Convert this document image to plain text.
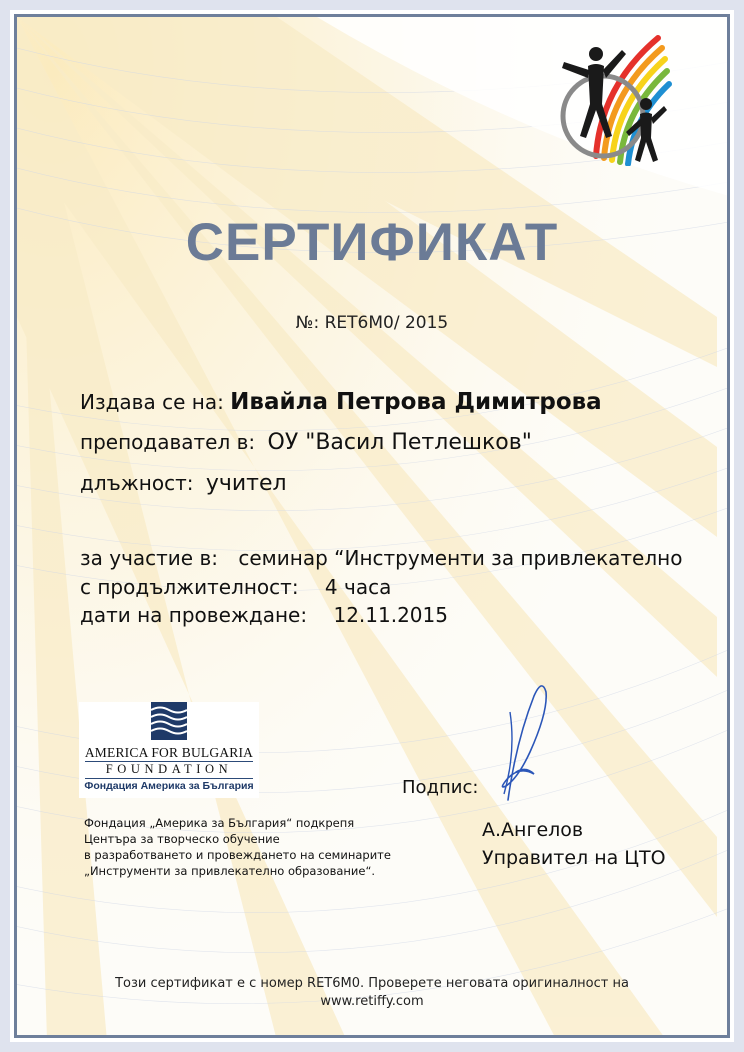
СЕРТИФИКАТ
№: RET6M0/ 2015
Издава се на: Ивайла Петрова Димитрова
преподавател в: ОУ "Васил Петлешков"
длъжност: учител
за участие в: семинар “Инструменти за привлекателно
с продължителност: 4 часа
дати на провеждане: 12.11.2015
AMERICA FOR BULGARIA
FOUNDATION
Фондация Америка за България
Фондация „Америка за България“ подкрепя
Центъра за творческо обучение
в разработването и провеждането на семинарите
„Инструменти за привлекателно образование“.
Подпис:
А.Ангелов
Управител на ЦТО
Този сертификат е с номер RET6M0. Проверете неговата оригиналност на
www.retiffy.com
